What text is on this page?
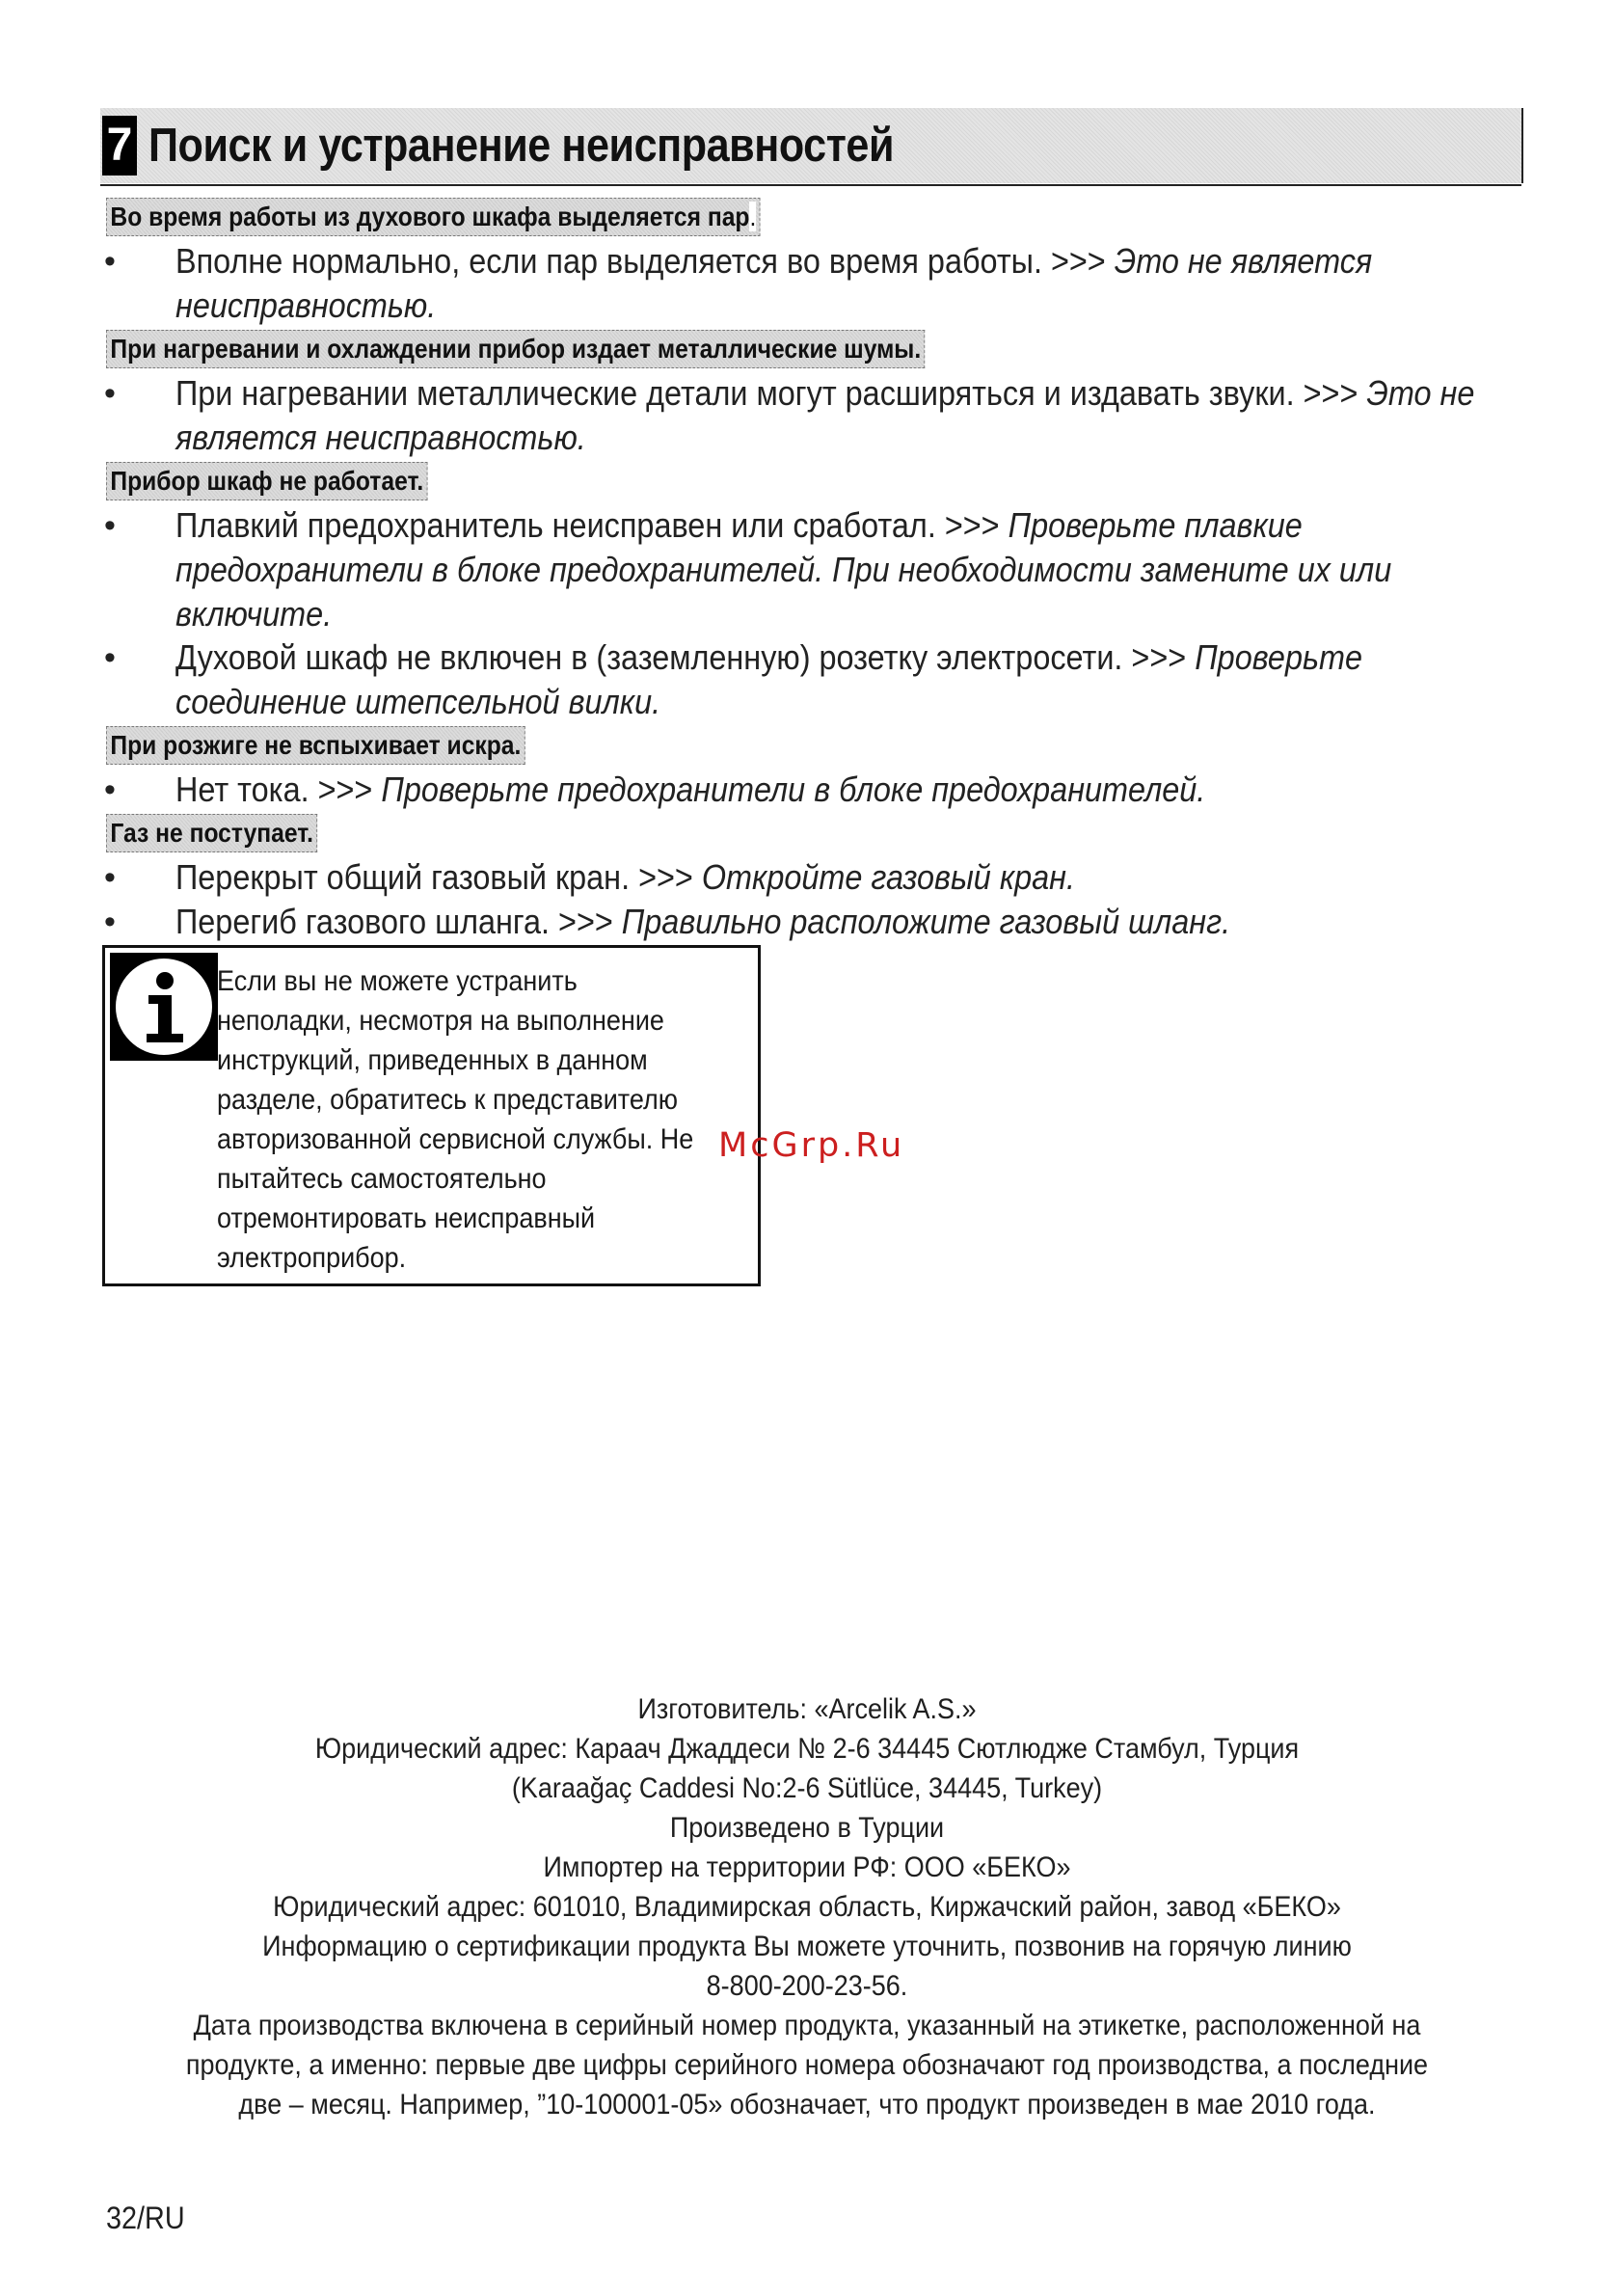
7 Поиск и устранение неисправностей
Во время работы из духового шкафа выделяется пар.
• Вполне нормально, если пар выделяется во время работы. >>> Это не является неисправностью.
При нагревании и охлаждении прибор издает металлические шумы.
• При нагревании металлические детали могут расширяться и издавать звуки. >>> Это не является неисправностью.
Прибор шкаф не работает.
• Плавкий предохранитель неисправен или сработал. >>> Проверьте плавкие предохранители в блоке предохранителей. При необходимости замените их или включите.
• Духовой шкаф не включен в (заземленную) розетку электросети. >>> Проверьте соединение штепсельной вилки.
При розжиге не вспыхивает искра.
• Нет тока. >>> Проверьте предохранители в блоке предохранителей.
Газ не поступает.
• Перекрыт общий газовый кран. >>> Откройте газовый кран.
• Перегиб газового шланга. >>> Правильно расположите газовый шланг.
Если вы не можете устранить
неполадки, несмотря на выполнение
инструкций, приведенных в данном
разделе, обратитесь к представителю
авторизованной сервисной службы. Не
пытайтесь самостоятельно
отремонтировать неисправный
электроприбор.
McGrp.Ru
Изготовитель: «Arcelik A.S.»
Юридический адрес: Караач Джаддеси № 2-6 34445 Сютлюдже Стамбул, Турция
(Karaağaç Caddesi No:2-6 Sütlüce, 34445, Turkey)
Произведено в Турции
Импортер на территории РФ: ООО «БЕКО»
Юридический адрес: 601010, Владимирская область, Киржачский район, завод «БЕКО»
Информацию о сертификации продукта Вы можете уточнить, позвонив на горячую линию
8-800-200-23-56.
Дата производства включена в серийный номер продукта, указанный на этикетке, расположенной на
продукте, а именно: первые две цифры серийного номера обозначают год производства, а последние
две – месяц. Например, ”10-100001-05» обозначает, что продукт произведен в мае 2010 года.
32/RU
